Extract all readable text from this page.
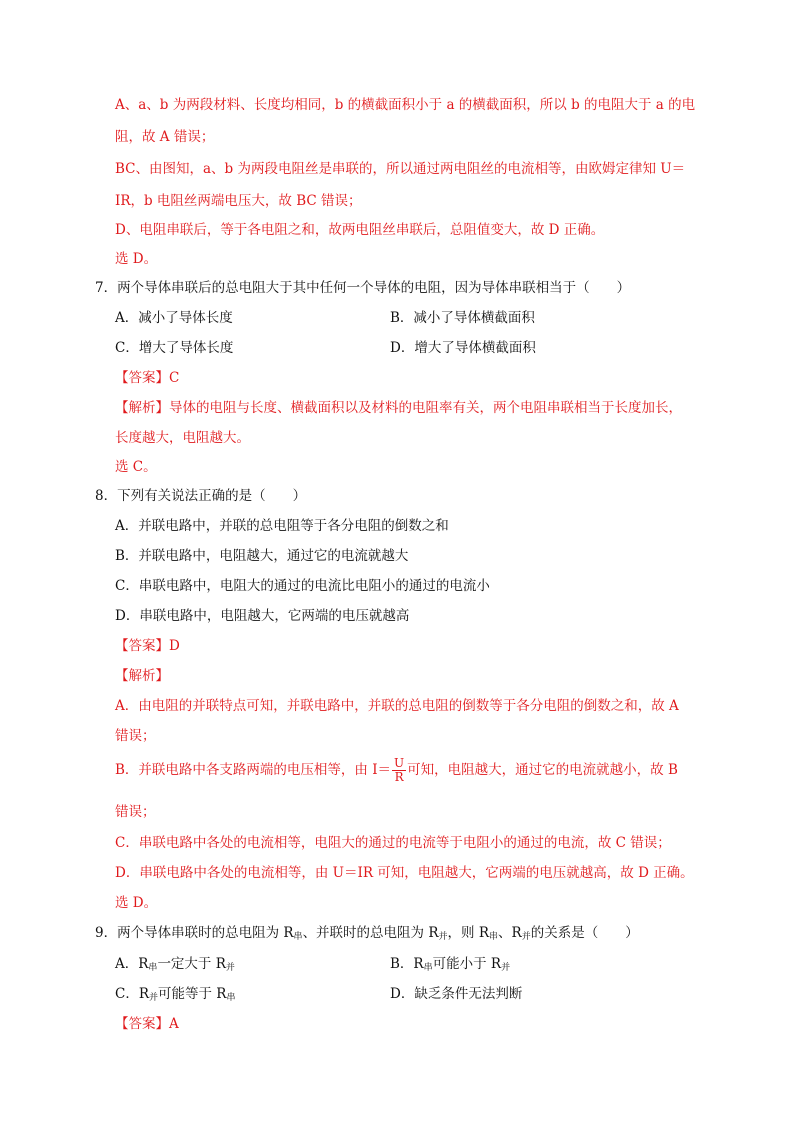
A、a、b 为两段材料、长度均相同，b 的横截面积小于 a 的横截面积，所以 b 的电阻大于 a 的电
阻，故 A 错误；
BC、由图知，a、b 为两段电阻丝是串联的，所以通过两电阻丝的电流相等，由欧姆定律知 U＝
IR，b 电阻丝两端电压大，故 BC 错误；
D、电阻串联后，等于各电阻之和，故两电阻丝串联后，总阻值变大，故 D 正确。
选 D。
7．两个导体串联后的总电阻大于其中任何一个导体的电阻，因为导体串联相当于（　　）
A．减小了导体长度	B．减小了导体横截面积
C．增大了导体长度	D．增大了导体横截面积
【答案】C
【解析】导体的电阻与长度、横截面积以及材料的电阻率有关，两个电阻串联相当于长度加长，
长度越大，电阻越大。
选 C。
8．下列有关说法正确的是（　　）
A．并联电路中，并联的总电阻等于各分电阻的倒数之和
B．并联电路中，电阻越大，通过它的电流就越大
C．串联电路中，电阻大的通过的电流比电阻小的通过的电流小
D．串联电路中，电阻越大，它两端的电压就越高
【答案】D
【解析】
A．由电阻的并联特点可知，并联电路中，并联的总电阻的倒数等于各分电阻的倒数之和，故 A
错误；
B．并联电路中各支路两端的电压相等，由 $I= \frac{U}{R}$ 可知，电阻越大，通过它的电流就越小，故 B
错误；
C．串联电路中各处的电流相等，电阻大的通过的电流等于电阻小的通过的电流，故 C 错误；
D．串联电路中各处的电流相等，由 U＝IR 可知，电阻越大，它两端的电压就越高，故 D 正确。
选 D。
9．两个导体串联时的总电阻为 $R_串$、并联时的总电阻为 $R_并$，则 $R_串$、$R_并$的关系是（　　）
A．$R_串$一定大于 $R_并$	B．$R_串$可能小于 $R_并$
C．$R_并$可能等于 $R_串$	D．缺乏条件无法判断
【答案】A
